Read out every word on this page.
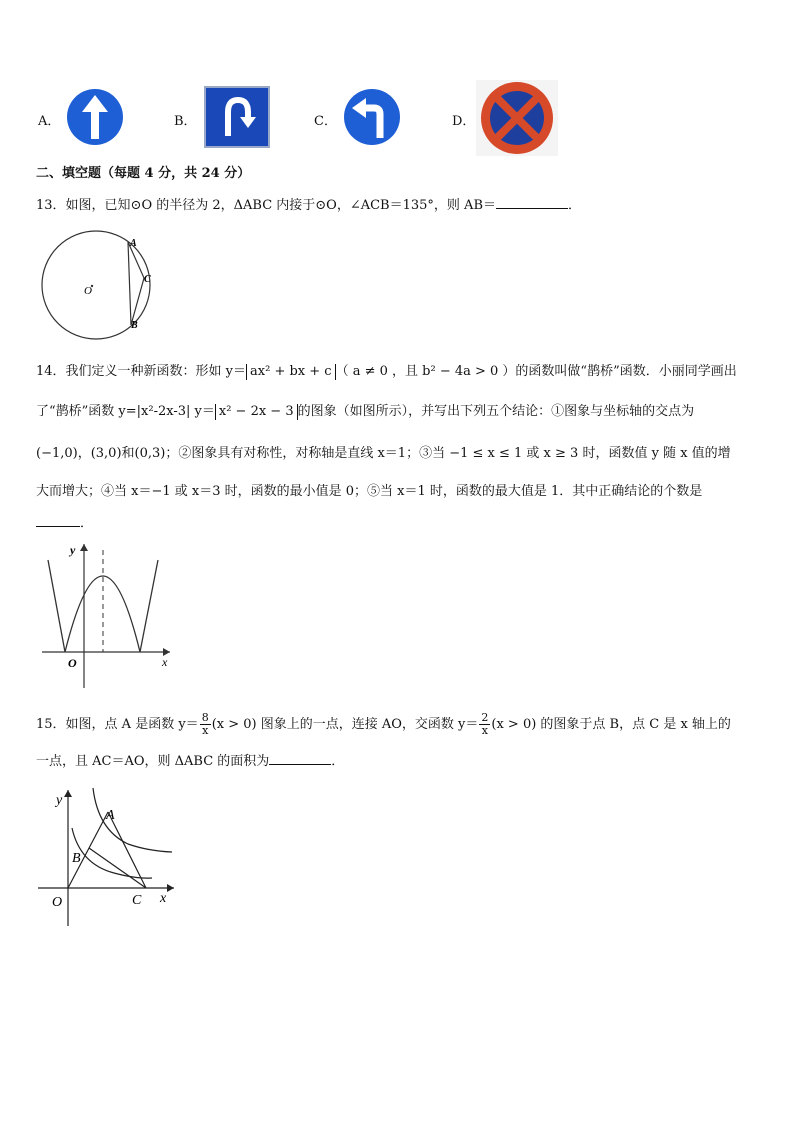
A．	B．	C．	D．
二、填空题（每题 4 分，共 24 分）
13．如图，已知⊙O 的半径为 2，ΔABC 内接于⊙O，∠ACB＝135°，则 AB＝	．
O
A
C
B
14．我们定义一种新函数：形如 y＝ ax² + bx + c （ a ≠ 0 ，且 b² − 4a > 0 ）的函数叫做“鹊桥”函数．小丽同学画出
了“鹊桥”函数 y=|x²-2x-3| y＝ x² − 2x − 3 的图象（如图所示），并写出下列五个结论：①图象与坐标轴的交点为
(−1,0)，(3,0)和(0,3)；②图象具有对称性，对称轴是直线 x＝1；③当 −1 ≤ x ≤ 1 或 x ≥ 3 时，函数值 y 随 x 值的增
大而增大；④当 x＝−1 或 x＝3 时，函数的最小值是 0；⑤当 x＝1 时，函数的最大值是 1．其中正确结论的个数是
．
y
x
O
15．如图，点 A 是函数 $y= \frac{8}{x} (x > 0)$ 图象上的一点，连接 AO，交函数 $y= \frac{2}{x} (x > 0)$ 的图象于点 B，点 C 是 x 轴上的
一点，且 AC＝AO，则 ΔABC 的面积为	．
y
x
O
A
B
C
